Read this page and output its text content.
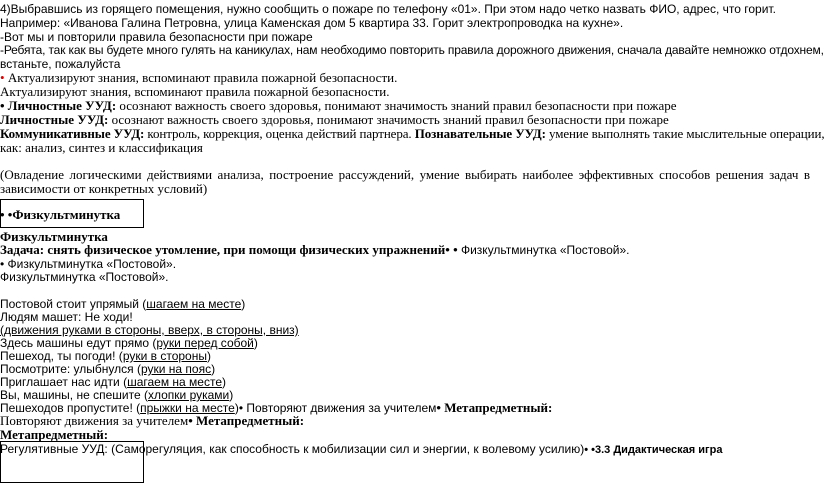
4)Выбравшись из горящего помещения, нужно сообщить о пожаре по телефону «01». При этом надо четко назвать ФИО, адрес, что горит.
Например: «Иванова Галина Петровна, улица Каменская дом 5 квартира 33. Горит электропроводка на кухне».
-Вот мы и повторили правила безопасности при пожаре
-Ребята, так как вы будете много гулять на каникулах, нам необходимо повторить правила дорожного движения, сначала давайте немножко отдохнем,
встаньте, пожалуйста
• Актуализируют знания, вспоминают правила пожарной безопасности.
Актуализируют знания, вспоминают правила пожарной безопасности.
• Личностные УУД: осознают важность своего здоровья, понимают значимость знаний правил безопасности при пожаре
Личностные УУД: осознают важность своего здоровья, понимают значимость знаний правил безопасности при пожаре
Коммуникативные УУД: контроль, коррекция, оценка действий партнера. Познавательные УУД: умение выполнять такие мыслительные операции,
как: анализ, синтез и классификация
(Овладение логическими действиями анализа, построение рассуждений, умение выбирать наиболее эффективных способов решения задач в
зависимости от конкретных условий)
• •Физкультминутка
Физкультминутка
Задача: снять физическое утомление, при помощи физических упражнений• • Физкультминутка «Постовой».
• Физкультминутка «Постовой».
Физкультминутка «Постовой».
Постовой стоит упрямый (шагаем на месте)
Людям машет: Не ходи!
(движения руками в стороны, вверх, в стороны, вниз)
Здесь машины едут прямо (руки перед собой)
Пешеход, ты погоди! (руки в стороны)
Посмотрите: улыбнулся (руки на пояс)
Приглашает нас идти (шагаем на месте)
Вы, машины, не спешите (хлопки руками)
Пешеходов пропустите! (прыжки на месте)• Повторяют движения за учителем• Метапредметный:
Повторяют движения за учителем• Метапредметный:
Метапредметный:
Регулятивные УУД: (Саморегуляция, как способность к мобилизации сил и энергии, к волевому усилию)• •3.3 Дидактическая игра
